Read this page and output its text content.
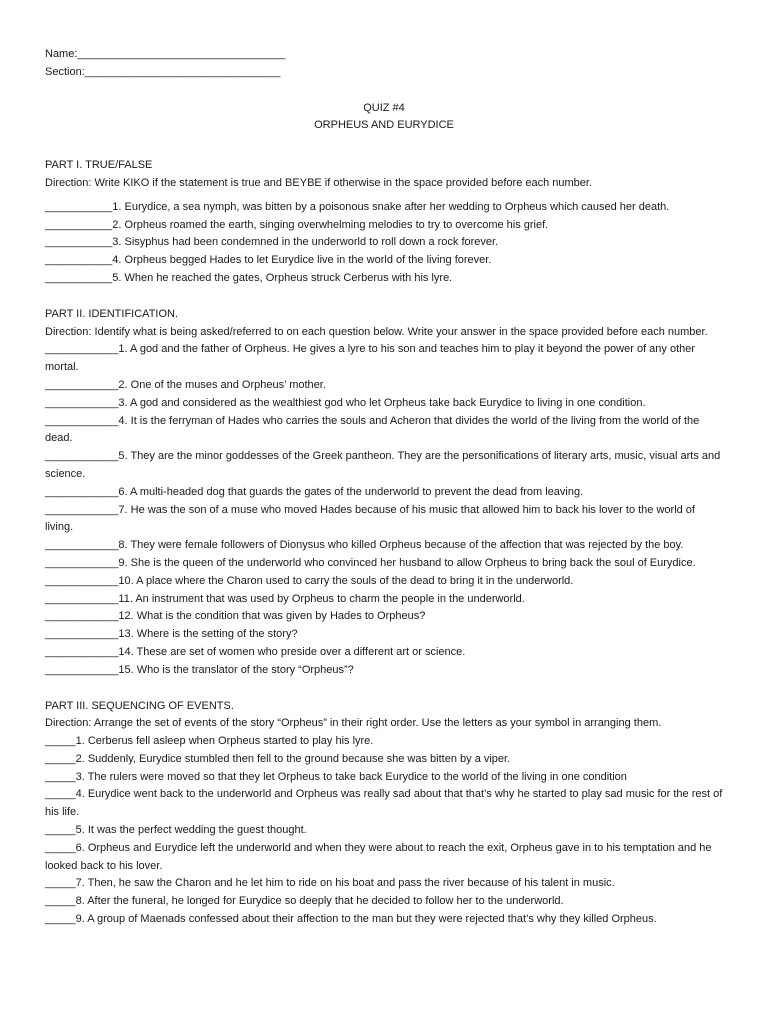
Name:__________________________________
Section:________________________________
QUIZ #4
ORPHEUS AND EURYDICE
PART I. TRUE/FALSE
Direction: Write KIKO if the statement is true and BEYBE if otherwise in the space provided before each number.
___________1. Eurydice, a sea nymph, was bitten by a poisonous snake after her wedding to Orpheus which caused her death.
___________2. Orpheus roamed the earth, singing overwhelming melodies to try to overcome his grief.
___________3. Sisyphus had been condemned in the underworld to roll down a rock forever.
___________4. Orpheus begged Hades to let Eurydice live in the world of the living forever.
___________5. When he reached the gates, Orpheus struck Cerberus with his lyre.
PART II. IDENTIFICATION.
Direction: Identify what is being asked/referred to on each question below. Write your answer in the space provided before each number.
____________1. A god and the father of Orpheus. He gives a lyre to his son and teaches him to play it beyond the power of any other mortal.
____________2. One of the muses and Orpheus’ mother.
____________3. A god and considered as the wealthiest god who let Orpheus take back Eurydice to living in one condition.
____________4. It is the ferryman of Hades who carries the souls and Acheron that divides the world of the living from the world of the dead.
____________5. They are the minor goddesses of the Greek pantheon. They are the personifications of literary arts, music, visual arts and science.
____________6. A multi-headed dog that guards the gates of the underworld to prevent the dead from leaving.
____________7. He was the son of a muse who moved Hades because of his music that allowed him to back his lover to the world of living.
____________8. They were female followers of Dionysus who killed Orpheus because of the affection that was rejected by the boy.
____________9. She is the queen of the underworld who convinced her husband to allow Orpheus to bring back the soul of Eurydice.
____________10. A place where the Charon used to carry the souls of the dead to bring it in the underworld.
____________11. An instrument that was used by Orpheus to charm the people in the underworld.
____________12. What is the condition that was given by Hades to Orpheus?
____________13. Where is the setting of the story?
____________14. These are set of women who preside over a different art or science.
____________15. Who is the translator of the story “Orpheus”?
PART III. SEQUENCING OF EVENTS.
Direction: Arrange the set of events of the story “Orpheus” in their right order. Use the letters as your symbol in arranging them.
_____1. Cerberus fell asleep when Orpheus started to play his lyre.
_____2. Suddenly, Eurydice stumbled then fell to the ground because she was bitten by a viper.
_____3. The rulers were moved so that they let Orpheus to take back Eurydice to the world of the living in one condition
_____4. Eurydice went back to the underworld and Orpheus was really sad about that that’s why he started to play sad music for the rest of his life.
_____5. It was the perfect wedding the guest thought.
_____6. Orpheus and Eurydice left the underworld and when they were about to reach the exit, Orpheus gave in to his temptation and he looked back to his lover.
_____7. Then, he saw the Charon and he let him to ride on his boat and pass the river because of his talent in music.
_____8. After the funeral, he longed for Eurydice so deeply that he decided to follow her to the underworld.
_____9. A group of Maenads confessed about their affection to the man but they were rejected that’s why they killed Orpheus.
